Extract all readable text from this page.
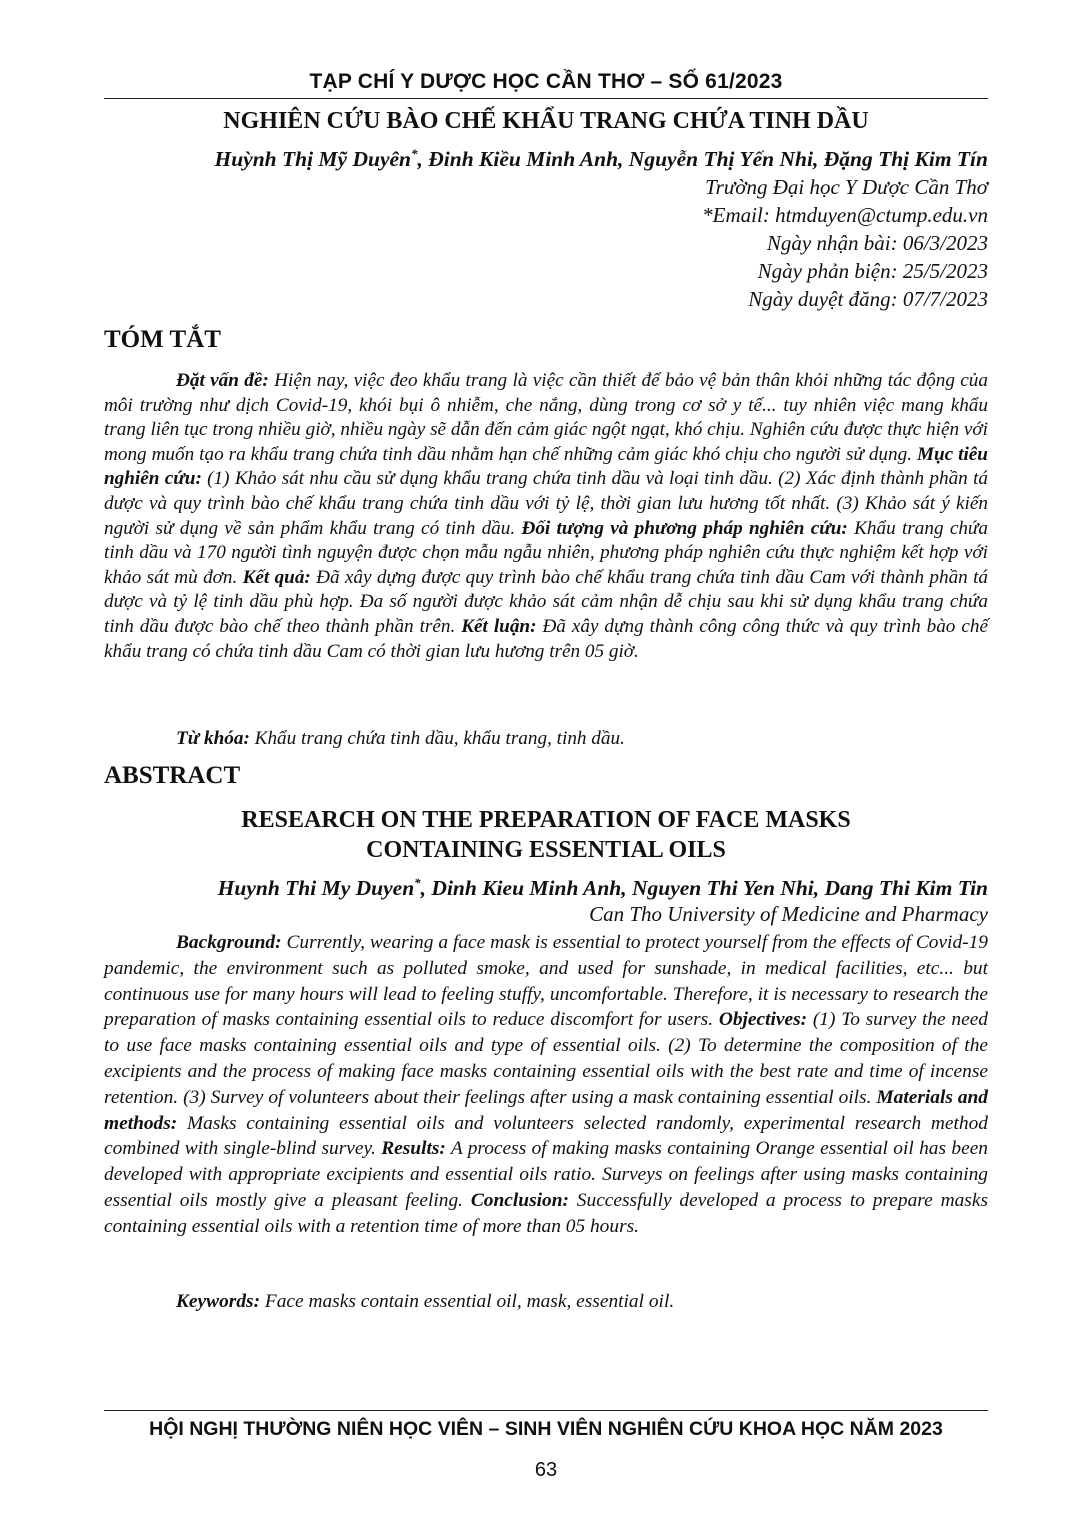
TẠP CHÍ Y DƯỢC HỌC CẦN THƠ – SỐ 61/2023
NGHIÊN CỨU BÀO CHẾ KHẨU TRANG CHỨA TINH DẦU
Huỳnh Thị Mỹ Duyên*, Đinh Kiều Minh Anh, Nguyễn Thị Yến Nhi, Đặng Thị Kim Tín
Trường Đại học Y Dược Cần Thơ
*Email: htmduyen@ctump.edu.vn
Ngày nhận bài: 06/3/2023
Ngày phản biện: 25/5/2023
Ngày duyệt đăng: 07/7/2023
TÓM TẮT
Đặt vấn đề: Hiện nay, việc đeo khẩu trang là việc cần thiết để bảo vệ bản thân khỏi những tác động của môi trường như dịch Covid-19, khói bụi ô nhiễm, che nắng, dùng trong cơ sở y tế... tuy nhiên việc mang khẩu trang liên tục trong nhiều giờ, nhiều ngày sẽ dẫn đến cảm giác ngột ngạt, khó chịu. Nghiên cứu được thực hiện với mong muốn tạo ra khẩu trang chứa tinh dầu nhằm hạn chế những cảm giác khó chịu cho người sử dụng. Mục tiêu nghiên cứu: (1) Khảo sát nhu cầu sử dụng khẩu trang chứa tinh dầu và loại tinh dầu. (2) Xác định thành phần tá dược và quy trình bào chế khẩu trang chứa tinh dầu với tỷ lệ, thời gian lưu hương tốt nhất. (3) Khảo sát ý kiến người sử dụng về sản phẩm khẩu trang có tinh dầu. Đối tượng và phương pháp nghiên cứu: Khẩu trang chứa tinh dầu và 170 người tình nguyện được chọn mẫu ngẫu nhiên, phương pháp nghiên cứu thực nghiệm kết hợp với khảo sát mù đơn. Kết quả: Đã xây dựng được quy trình bào chế khẩu trang chứa tinh dầu Cam với thành phần tá dược và tỷ lệ tinh dầu phù hợp. Đa số người được khảo sát cảm nhận dễ chịu sau khi sử dụng khẩu trang chứa tinh dầu được bào chế theo thành phần trên. Kết luận: Đã xây dựng thành công công thức và quy trình bào chế khẩu trang có chứa tinh dầu Cam có thời gian lưu hương trên 05 giờ.
Từ khóa: Khẩu trang chứa tinh dầu, khẩu trang, tinh dầu.
ABSTRACT
RESEARCH ON THE PREPARATION OF FACE MASKS
CONTAINING ESSENTIAL OILS
Huynh Thi My Duyen*, Dinh Kieu Minh Anh, Nguyen Thi Yen Nhi, Dang Thi Kim Tin
Can Tho University of Medicine and Pharmacy
Background: Currently, wearing a face mask is essential to protect yourself from the effects of Covid-19 pandemic, the environment such as polluted smoke, and used for sunshade, in medical facilities, etc... but continuous use for many hours will lead to feeling stuffy, uncomfortable. Therefore, it is necessary to research the preparation of masks containing essential oils to reduce discomfort for users. Objectives: (1) To survey the need to use face masks containing essential oils and type of essential oils. (2) To determine the composition of the excipients and the process of making face masks containing essential oils with the best rate and time of incense retention. (3) Survey of volunteers about their feelings after using a mask containing essential oils. Materials and methods: Masks containing essential oils and volunteers selected randomly, experimental research method combined with single-blind survey. Results: A process of making masks containing Orange essential oil has been developed with appropriate excipients and essential oils ratio. Surveys on feelings after using masks containing essential oils mostly give a pleasant feeling. Conclusion: Successfully developed a process to prepare masks containing essential oils with a retention time of more than 05 hours.
Keywords: Face masks contain essential oil, mask, essential oil.
HỘI NGHỊ THƯỜNG NIÊN HỌC VIÊN – SINH VIÊN NGHIÊN CỨU KHOA HỌC NĂM 2023
63
